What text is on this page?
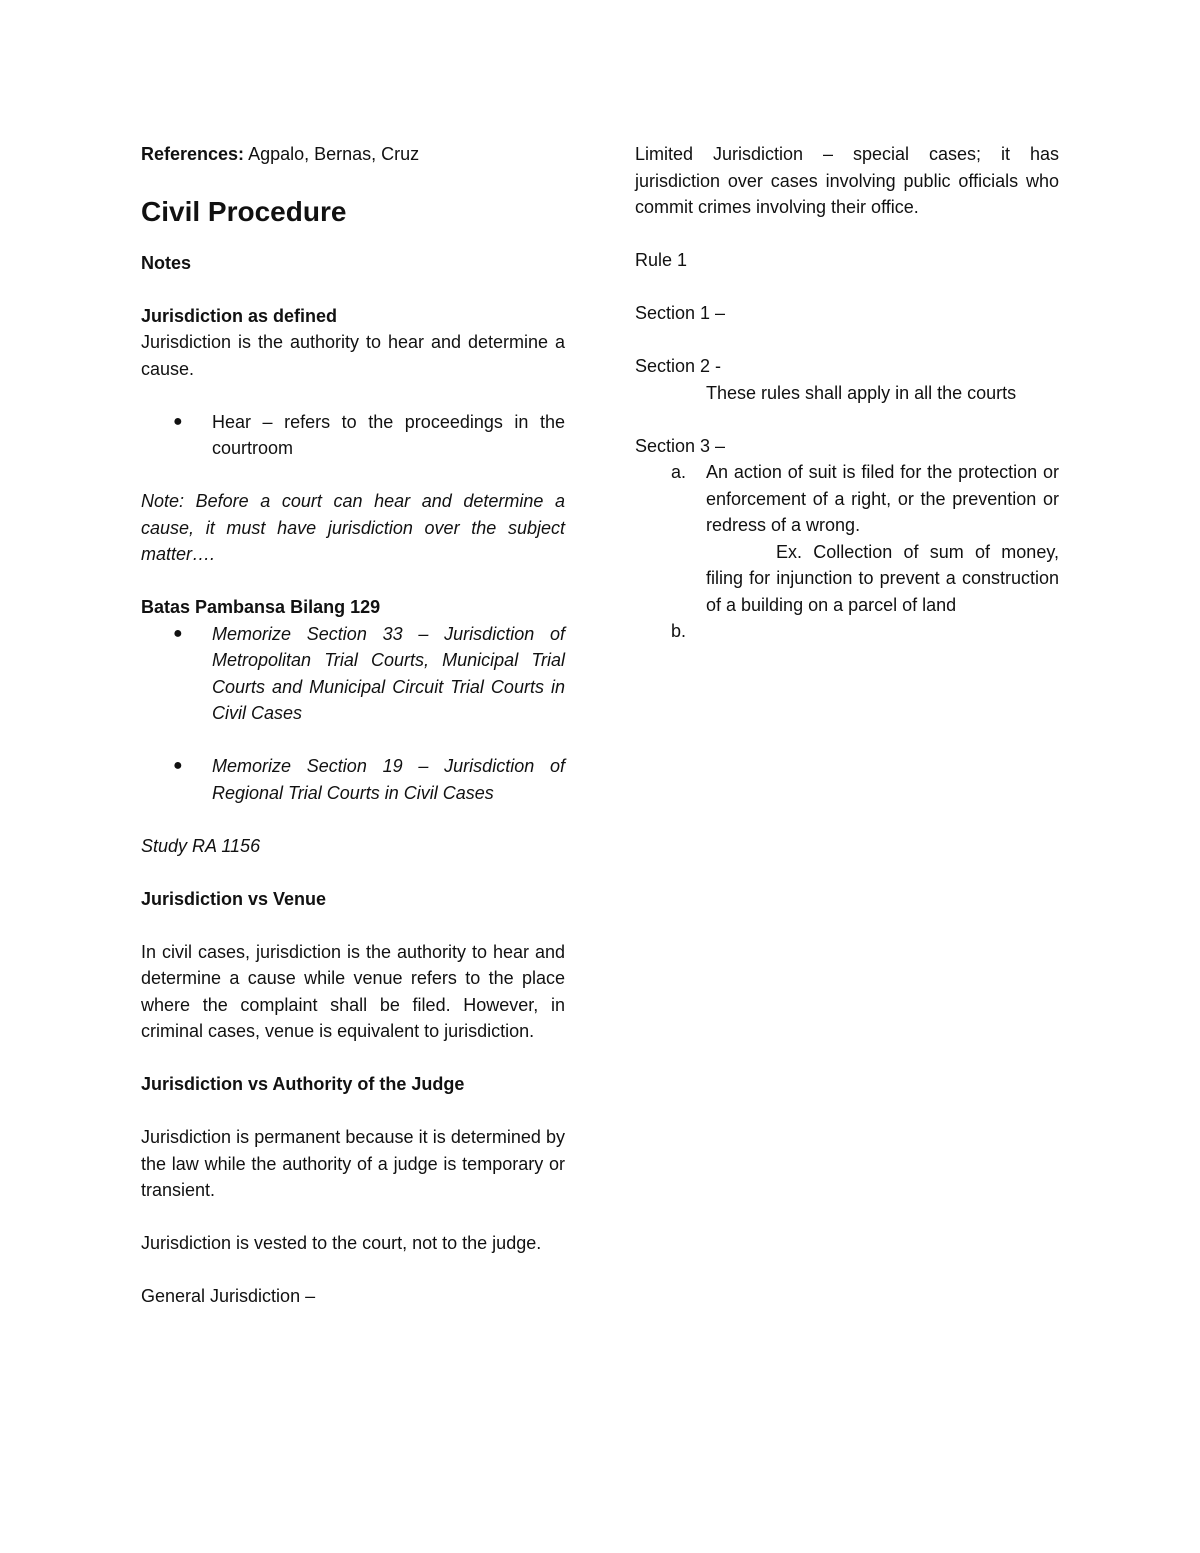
References: Agpalo, Bernas, Cruz

Civil Procedure

Notes

Jurisdiction as defined

Jurisdiction is the authority to hear and determine a cause.

● Hear – refers to the proceedings in the courtroom

Note: Before a court can hear and determine a cause, it must have jurisdiction over the subject matter….

Batas Pambansa Bilang 129

● Memorize Section 33 – Jurisdiction of Metropolitan Trial Courts, Municipal Trial Courts and Municipal Circuit Trial Courts in Civil Cases
● Memorize Section 19 – Jurisdiction of Regional Trial Courts in Civil Cases

Study RA 1156

Jurisdiction vs Venue

In civil cases, jurisdiction is the authority to hear and determine a cause while venue refers to the place where the complaint shall be filed. However, in criminal cases, venue is equivalent to jurisdiction.

Jurisdiction vs Authority of the Judge

Jurisdiction is permanent because it is determined by the law while the authority of a judge is temporary or transient.

Jurisdiction is vested to the court, not to the judge.

General Jurisdiction –

Limited Jurisdiction – special cases; it has jurisdiction over cases involving public officials who commit crimes involving their office.

Rule 1

Section 1 –

Section 2 -

These rules shall apply in all the courts

Section 3 –

a. An action of suit is filed for the protection or enforcement of a right, or the prevention or redress of a wrong.

Ex. Collection of sum of money, filing for injunction to prevent a construction of a building on a parcel of land

b.
